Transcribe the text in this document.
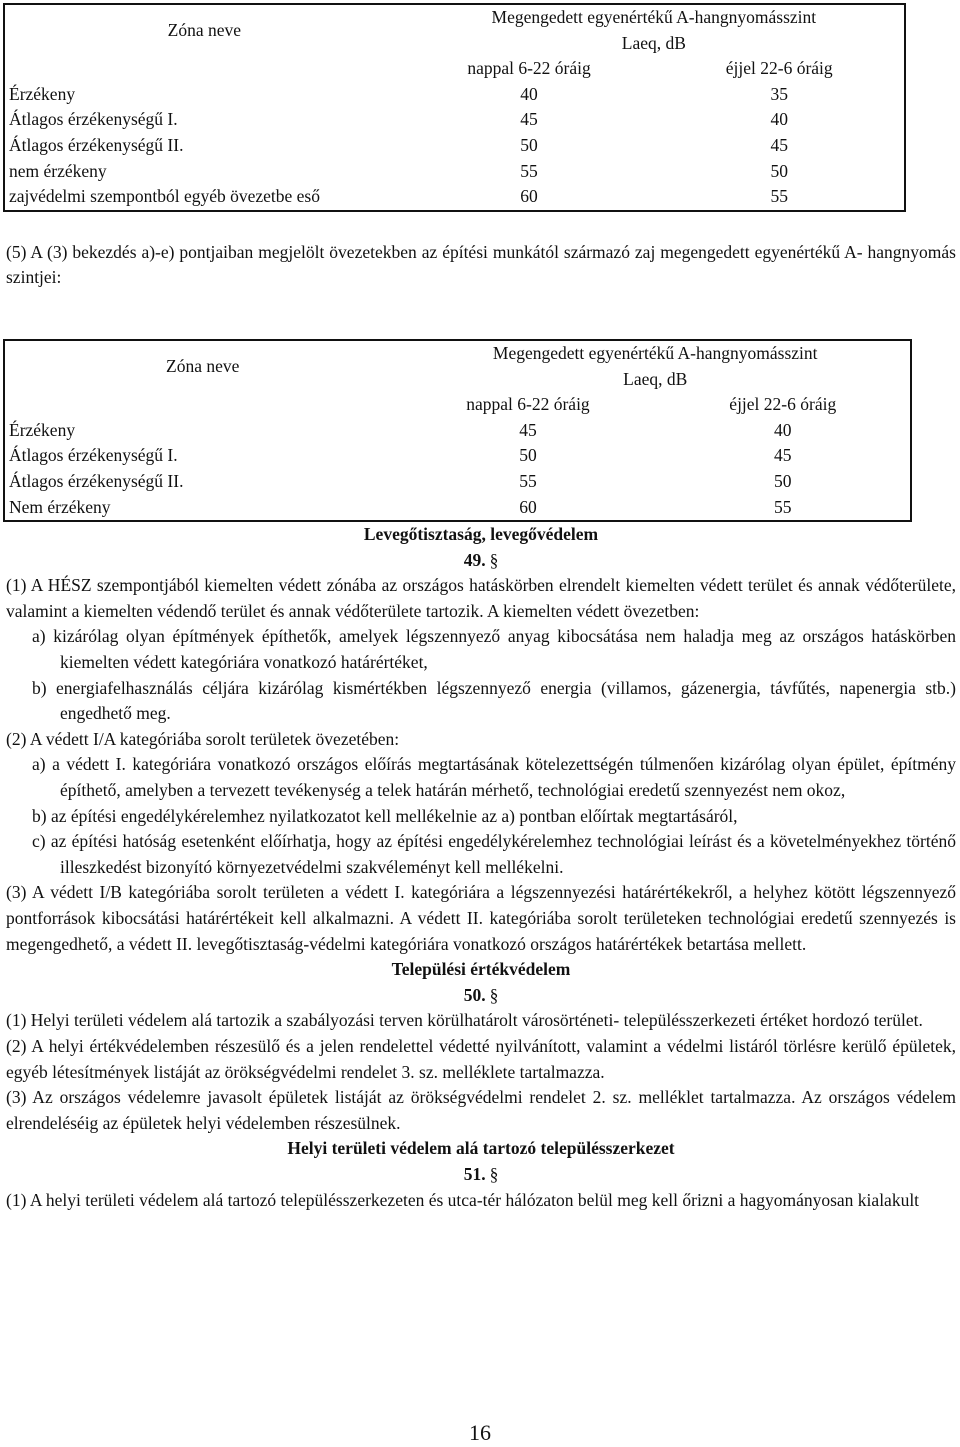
Zóna neve	Megengedett egyenértékű A-hangnyomásszint	
	Laeq, dB	
	nappal 6-22 óráig	éjjel 22-6 óráig
Érzékeny	40	35
Átlagos érzékenységű I.	45	40
Átlagos érzékenységű II.	50	45
nem érzékeny	55	50
zajvédelmi szempontból egyéb övezetbe eső	60	55

(5) A (3) bekezdés a)-e) pontjaiban megjelölt övezetekben az építési munkától származó zaj megengedett egyenértékű A- hangnyomás szintjei:

Zóna neve	Megengedett egyenértékű A-hangnyomásszint	
	Laeq, dB	
	nappal 6-22 óráig	éjjel 22-6 óráig
Érzékeny	45	40
Átlagos érzékenységű I.	50	45
Átlagos érzékenységű II.	55	50
Nem érzékeny	60	55
Levegőtisztaság, levegővédelem

49. §

(1) A HÉSZ szempontjából kiemelten védett zónába az országos hatáskörben elrendelt kiemelten védett terület és annak védőterülete, valamint a kiemelten védendő terület és annak védőterülete tartozik. A kiemelten védett övezetben:

a) kizárólag olyan építmények építhetők, amelyek légszennyező anyag kibocsátása nem haladja meg az országos hatáskörben kiemelten védett kategóriára vonatkozó határértéket,

b) energiafelhasználás céljára kizárólag kismértékben légszennyező energia (villamos, gázenergia, távfűtés, napenergia stb.) engedhető meg.

(2) A védett I/A kategóriába sorolt területek övezetében:

a) a védett I. kategóriára vonatkozó országos előírás megtartásának kötelezettségén túlmenően kizárólag olyan épület, építmény építhető, amelyben a tervezett tevékenység a telek határán mérhető, technológiai eredetű szennyezést nem okoz,

b) az építési engedélykérelemhez nyilatkozatot kell mellékelnie az a) pontban előírtak megtartásáról,

c) az építési hatóság esetenként előírhatja, hogy az építési engedélykérelemhez technológiai leírást és a követelményekhez történő illeszkedést bizonyító környezetvédelmi szakvéleményt kell mellékelni.

(3) A védett I/B kategóriába sorolt területen a védett I. kategóriára a légszennyezési határértékekről, a helyhez kötött légszennyező pontforrások kibocsátási határértékeit kell alkalmazni. A védett II. kategóriába sorolt területeken technológiai eredetű szennyezés is megengedhető, a védett II. levegőtisztaság-védelmi kategóriára vonatkozó országos határértékek betartása mellett.

Települési értékvédelem

50. §

(1) Helyi területi védelem alá tartozik a szabályozási terven körülhatárolt városörténeti- településszerkezeti értéket hordozó terület.

(2) A helyi értékvédelemben részesülő és a jelen rendelettel védetté nyilvánított, valamint a védelmi listáról törlésre kerülő épületek, egyéb létesítmények listáját az örökségvédelmi rendelet 3. sz. melléklete tartalmazza.

(3) Az országos védelemre javasolt épületek listáját az örökségvédelmi rendelet 2. sz. melléklet tartalmazza. Az országos védelem elrendeléséig az épületek helyi védelemben részesülnek.

Helyi területi védelem alá tartozó településszerkezet

51. §

(1) A helyi területi védelem alá tartozó településszerkezeten és utca-tér hálózaton belül meg kell őrizni a hagyományosan kialakult

16
